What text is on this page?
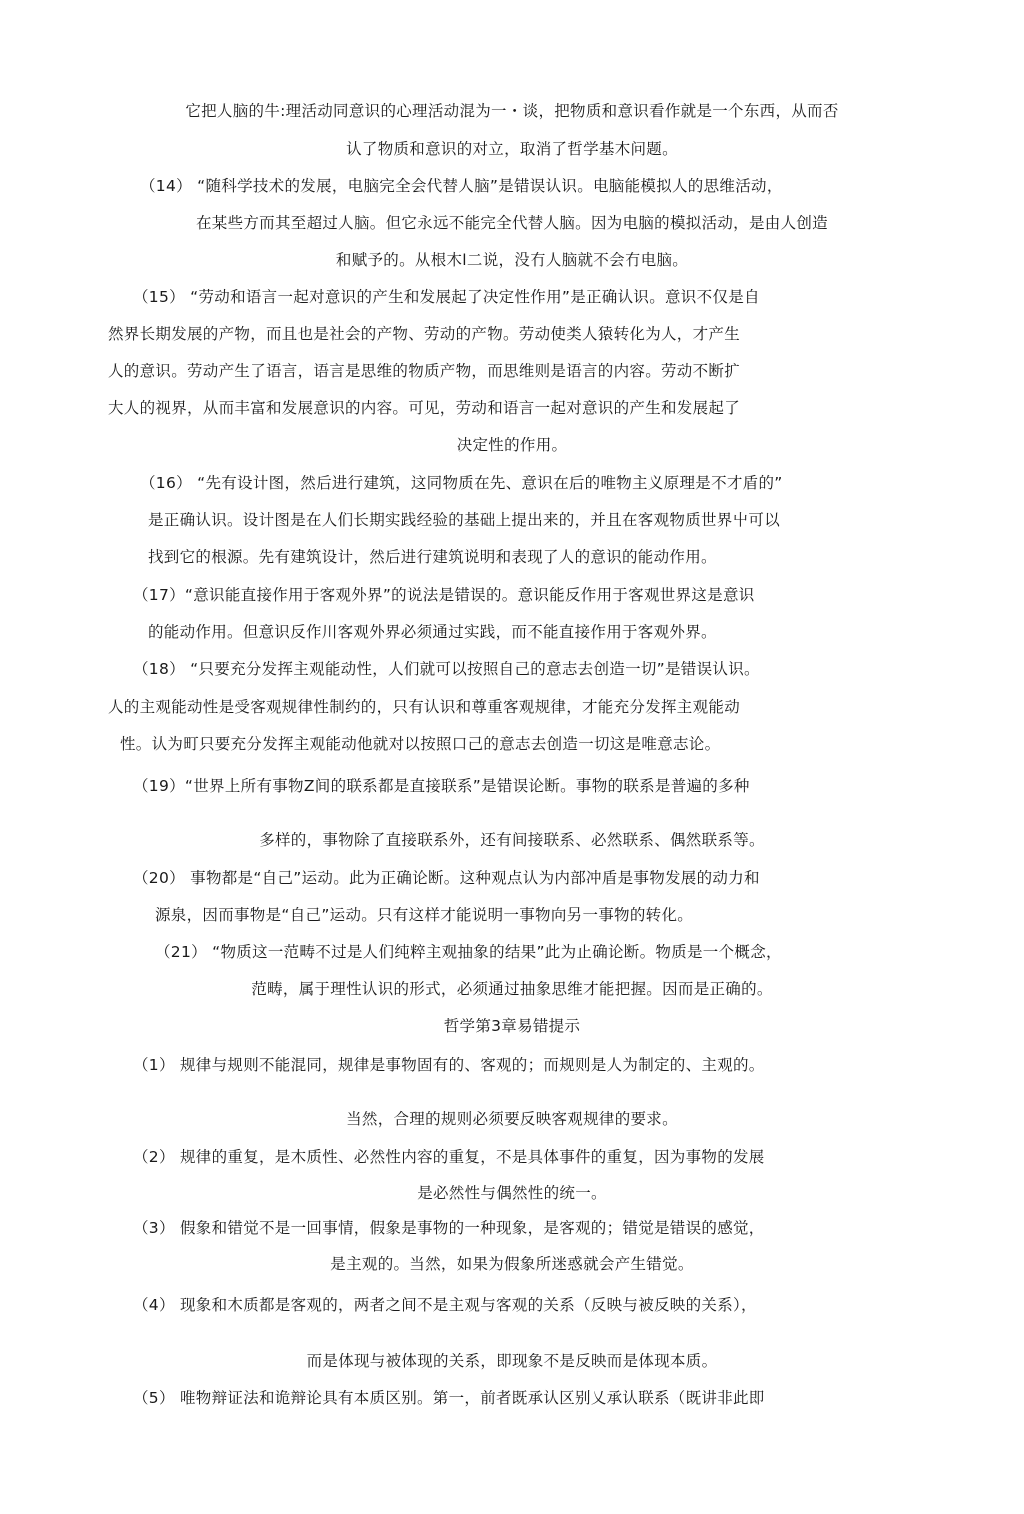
它把人脑的牛:理活动同意识的心理活动混为一・谈，把物质和意识看作就是一个东西，从而否
认了物质和意识的对立，取消了哲学基木问题。
（14） “随科学技术的发展，电脑完全会代替人脑”是错误认识。电脑能模拟人的思维活动，
在某些方而其至超过人脑。但它永远不能完全代替人脑。因为电脑的模拟活动，是由人创造
和赋予的。从根木l二说，没冇人脑就不会冇电脑。
（15） “劳动和语言一起对意识的产生和发展起了决定性作用”是正确认识。意识不仅是自
然界长期发展的产物，而且也是社会的产物、劳动的产物。劳动使类人猿转化为人，才产生
人的意识。劳动产生了语言，语言是思维的物质产物，而思维则是语言的内容。劳动不断扩
大人的视界，从而丰富和发展意识的内容。可见，劳动和语言一起对意识的产生和发展起了
决定性的作用。
（16） “先有设计图，然后进行建筑，这同物质在先、意识在后的唯物主义原理是不才盾的”
是正确认识。设计图是在人们长期实践经验的基础上提出来的，并且在客观物质世界屮可以
找到它的根源。先有建筑设计，然后进行建筑说明和表现了人的意识的能动作用。
（17）“意识能直接作用于客观外界”的说法是错误的。意识能反作用于客观世界这是意识
的能动作用。但意识反作川客观外界必须通过实践，而不能直接作用于客观外界。
（18） “只要充分发挥主观能动性，人们就可以按照自己的意志去创造一切”是错误认识。
人的主观能动性是受客观规律性制约的，只有认识和尊重客观规律，才能充分发挥主观能动
性。认为町只要充分发挥主观能动他就对以按照口己的意志去创造一切这是唯意志论。
（19）“世界上所有事物Z间的联系都是直接联系”是错误论断。事物的联系是普遍的多种
多样的，事物除了直接联系外，还有间接联系、必然联系、偶然联系等。
（20） 事物都是“自己”运动。此为正确论断。这种观点认为内部冲盾是事物发展的动力和
源泉，因而事物是“自己”运动。只有这样才能说明一事物向另一事物的转化。
（21） “物质这一范畴不过是人们纯粹主观抽象的结果”此为止确论断。物质是一个概念，
范畴，属于理性认识的形式，必须通过抽象思维才能把握。因而是正确的。
哲学第3章易错提示
（1） 规律与规则不能混同，规律是事物固有的、客观的；而规则是人为制定的、主观的。
当然，合理的规则必须要反映客观规律的要求。
（2） 规律的重复，是木质性、必然性内容的重复，不是具体事件的重复，因为事物的发展
是必然性与偶然性的统一。
（3） 假象和错觉不是一回事情，假象是事物的一种现象，是客观的；错觉是错误的感觉，
是主观的。当然，如果为假象所迷惑就会产生错觉。
（4） 现象和木质都是客观的，两者之间不是主观与客观的关系（反映与被反映的关系），
而是体现与被体现的关系，即现象不是反映而是体现本质。
（5） 唯物辩证法和诡辩论具有本质区别。第一，前者既承认区别乂承认联系（既讲非此即
